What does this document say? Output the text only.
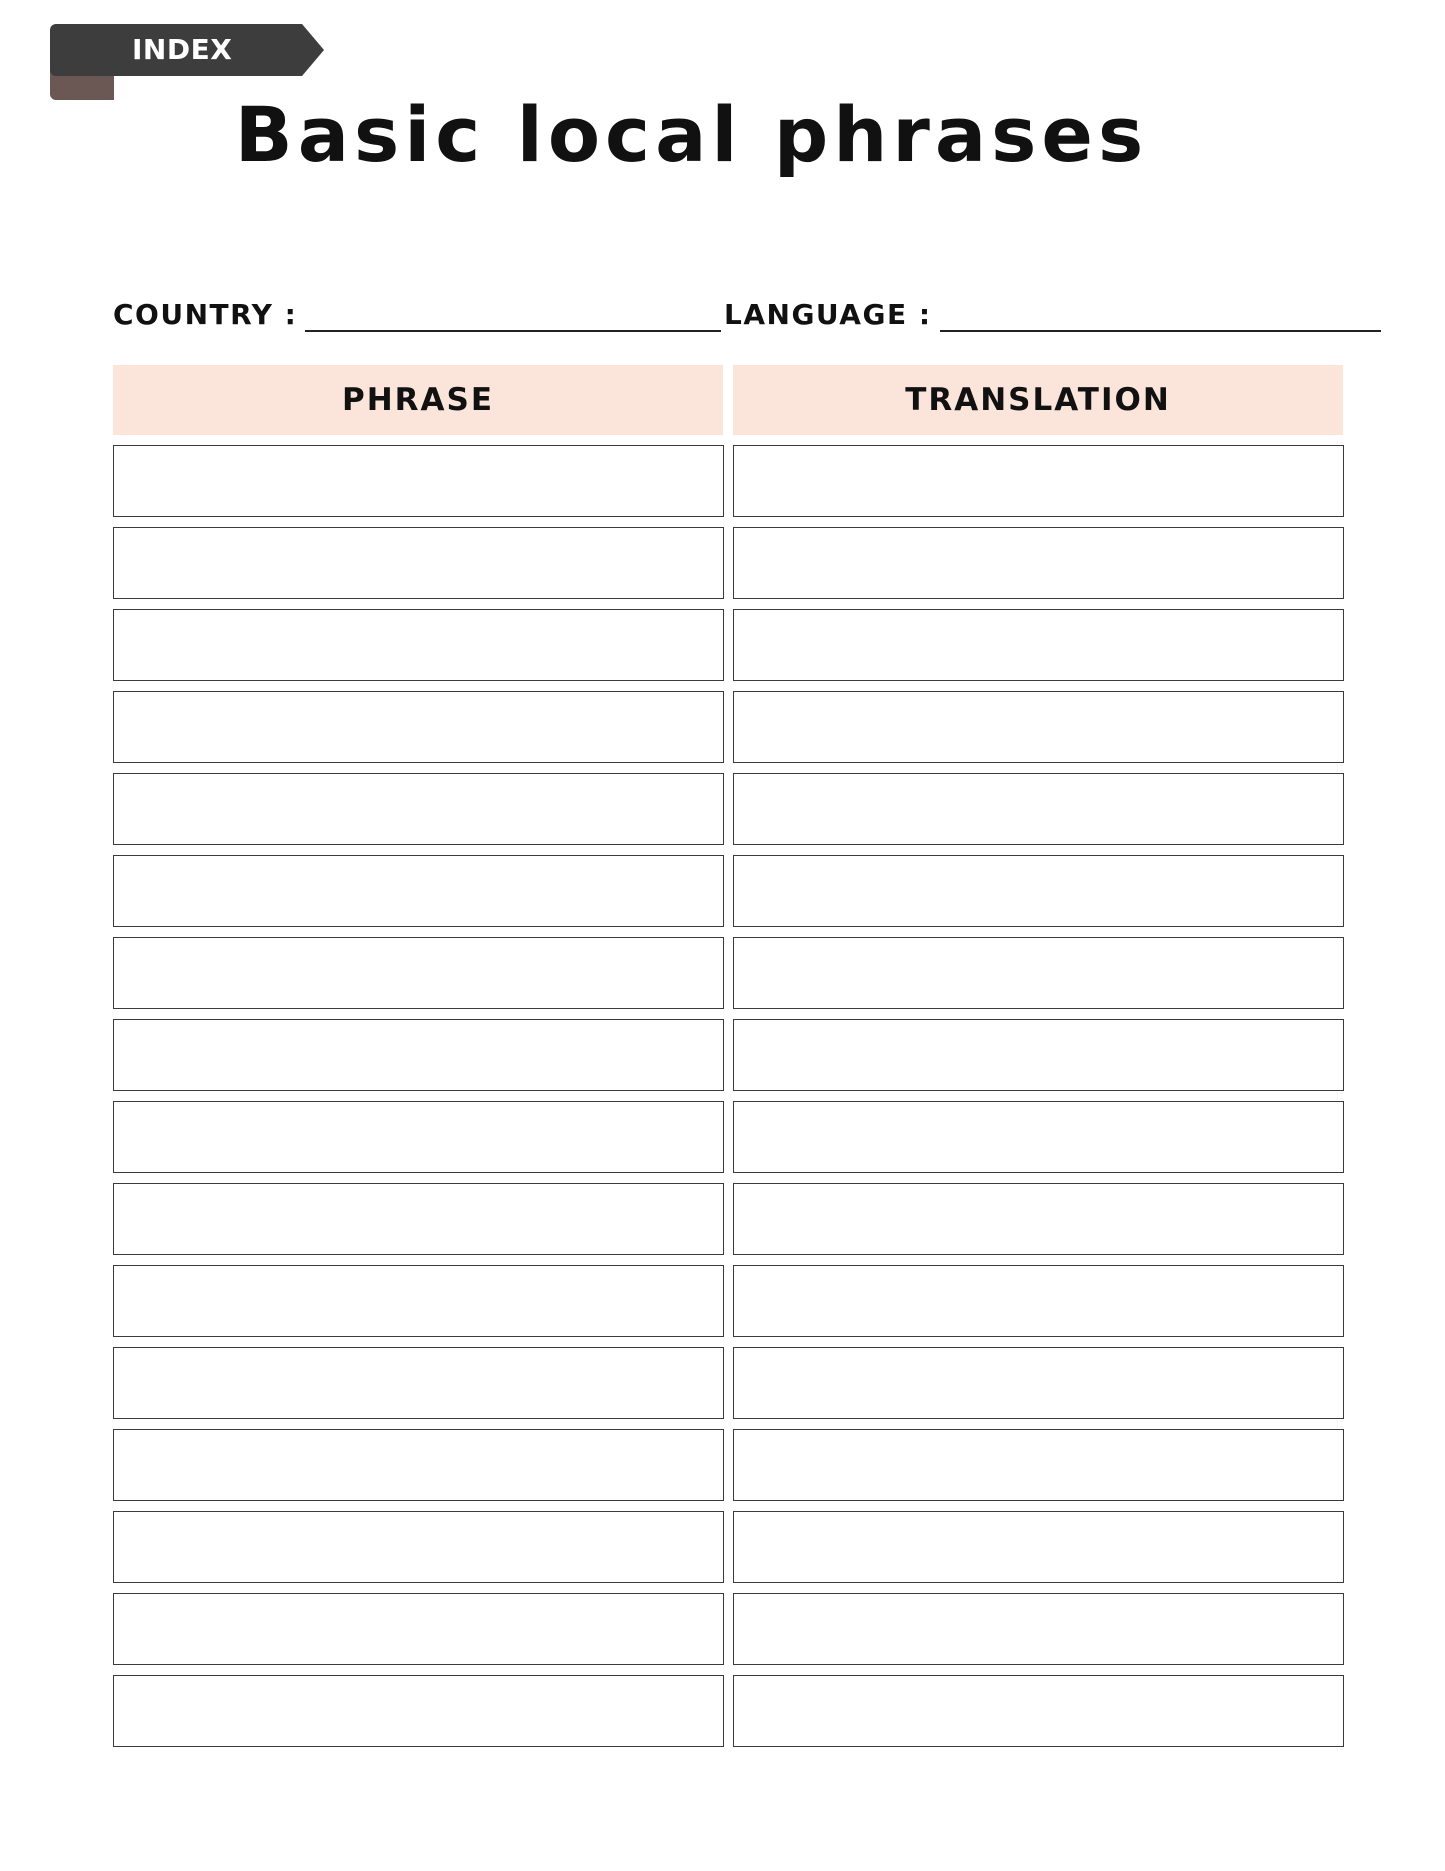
INDEX
Basic local phrases
COUNTRY :	LANGUAGE :
PHRASE	TRANSLATION
